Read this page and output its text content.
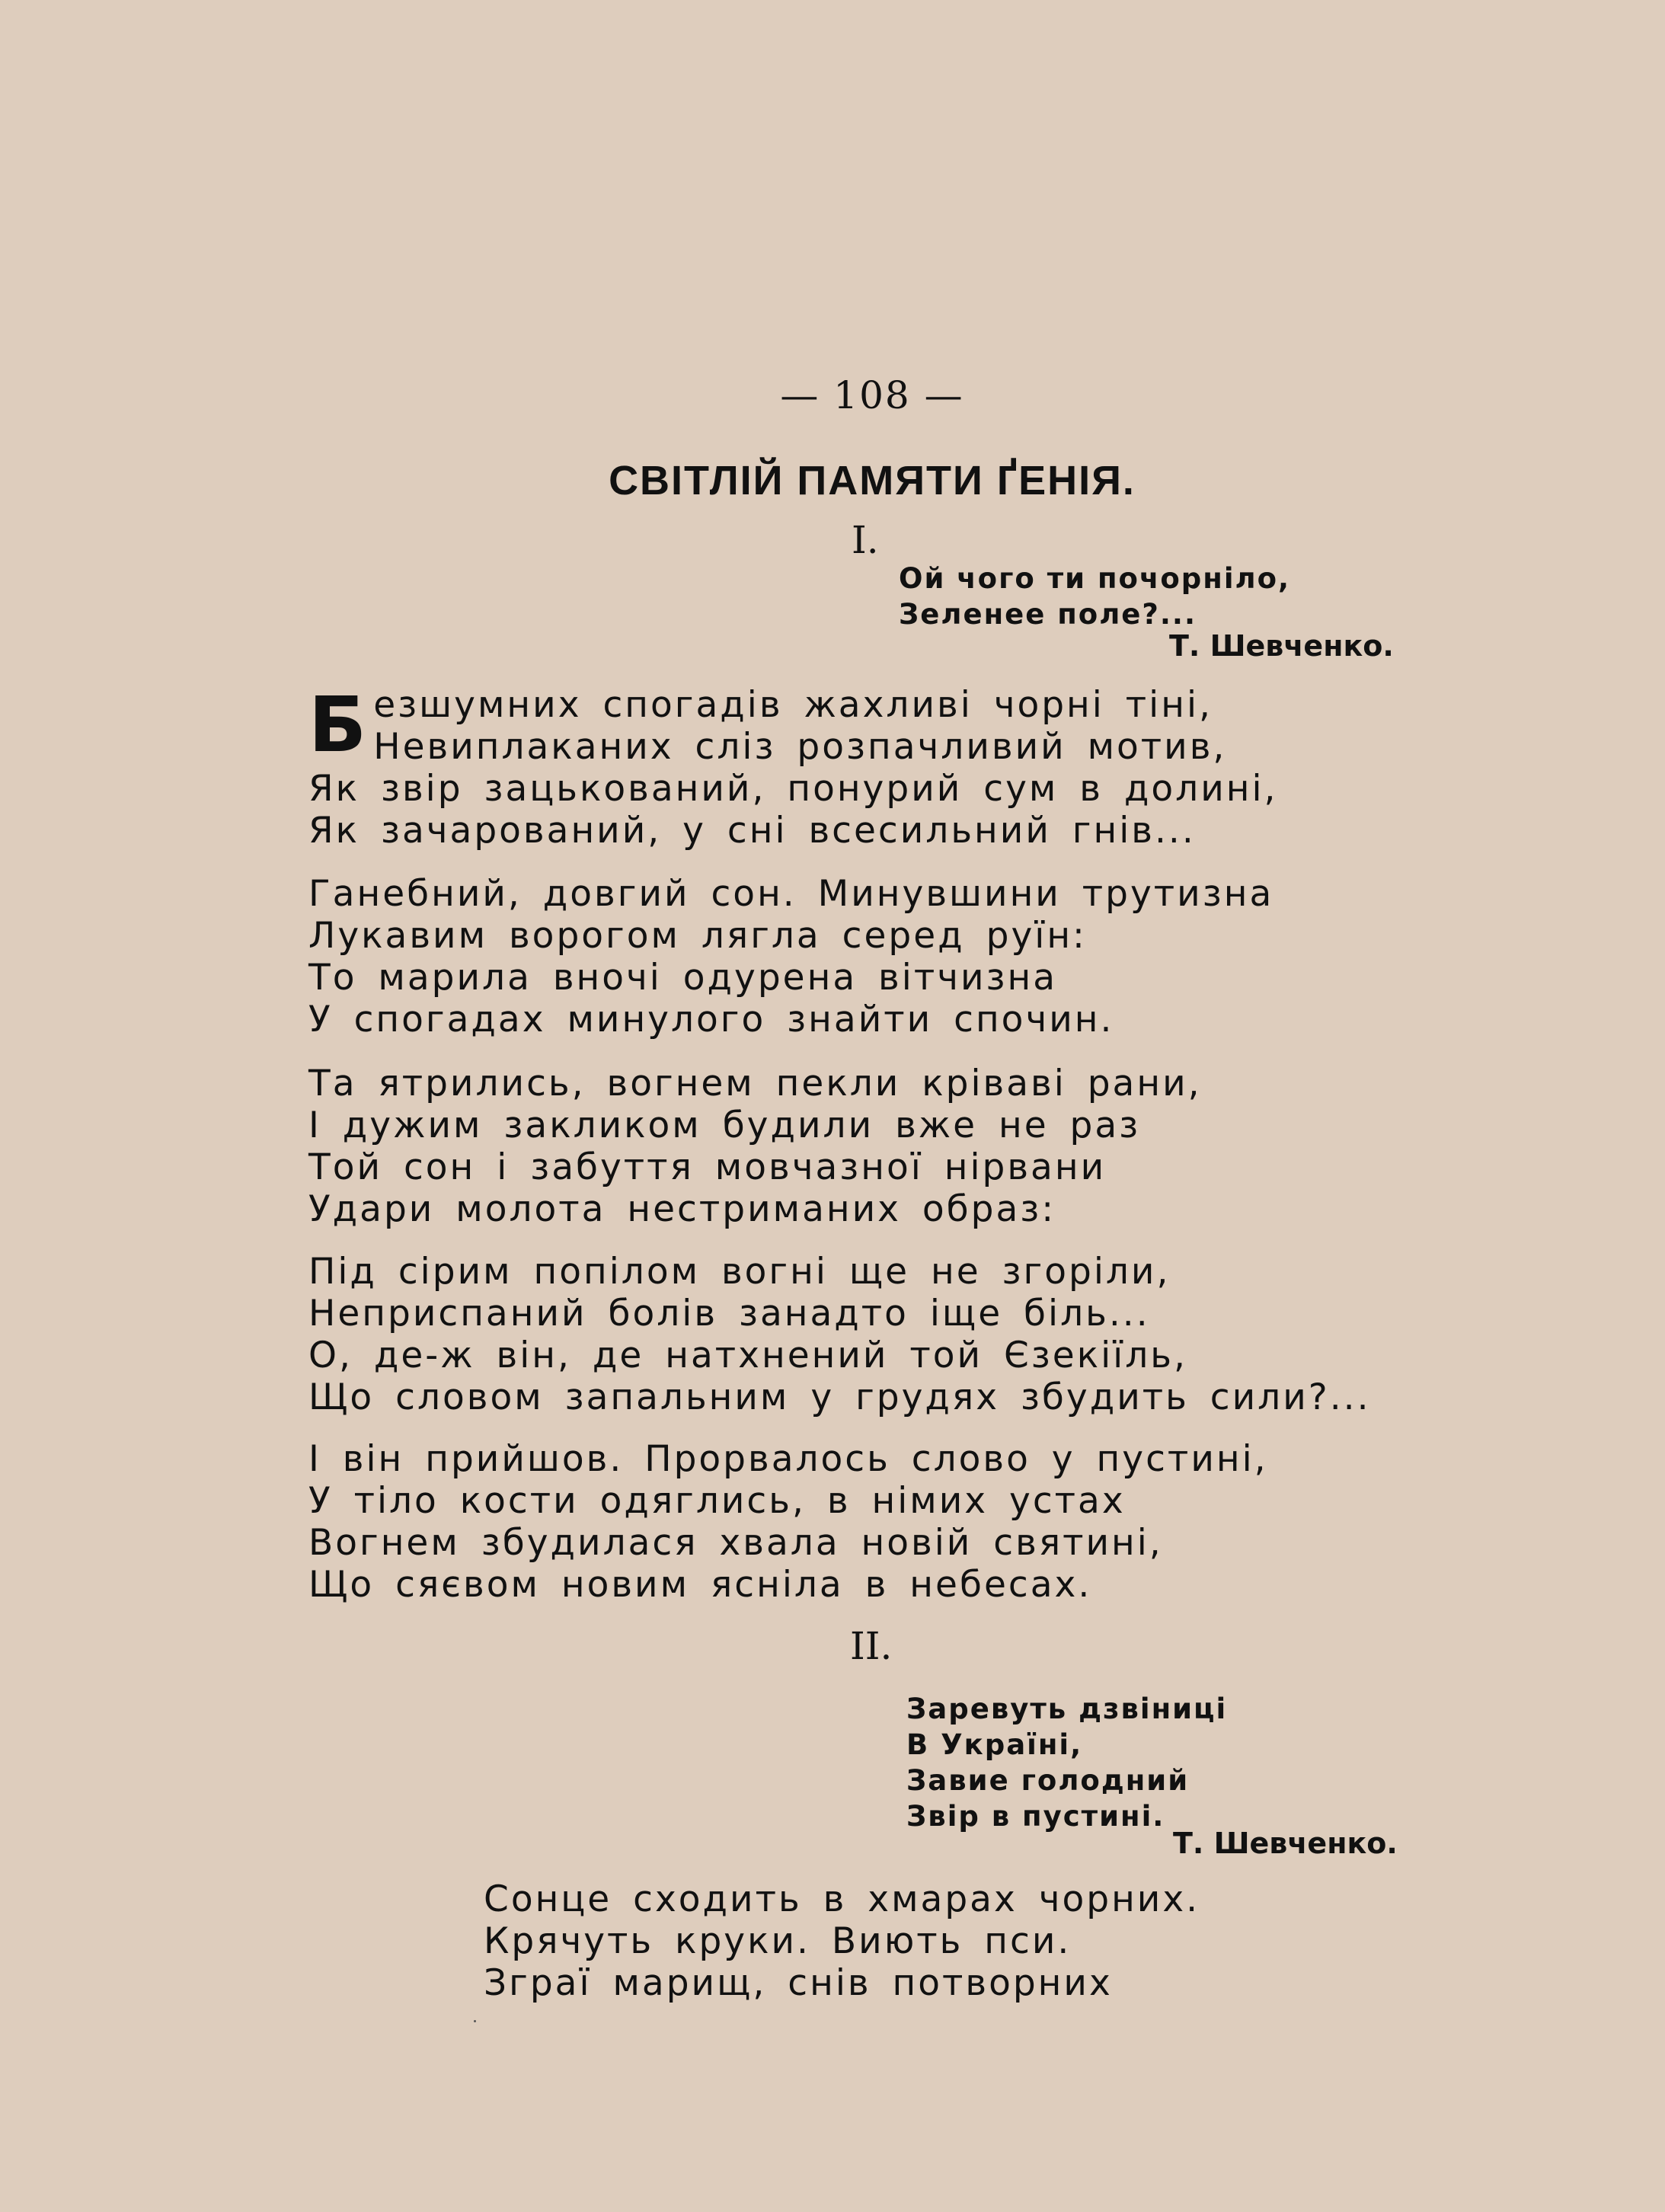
— 108 —
СВІТЛІЙ ПАМЯТИ ҐЕНІЯ.
I.
Ой чого ти почорніло,
Зеленее поле?...
Т. Шевченко.
Безшумних спогадів жахливі чорні тіні,
Невиплаканих сліз розпачливий мотив,
Як звір зацькований, понурий сум в долині,
Як зачарований, у сні всесильний гнів...
Ганебний, довгий сон. Минувшини трутизна
Лукавим ворогом лягла серед руїн:
То марила вночі одурена вітчизна
У спогадах минулого знайти спочин.
Та ятрились, вогнем пекли кріваві рани,
І дужим закликом будили вже не раз
Той сон і забуття мовчазної нірвани
Удари молота нестриманих образ:
Під сірим попілом вогні ще не згоріли,
Неприспаний болів занадто іще біль...
О, де-ж він, де натхнений той Єзекіїль,
Що словом запальним у грудях збудить сили?...
І він прийшов. Прорвалось слово у пустині,
У тіло кости одяглись, в німих устах
Вогнем збудилася хвала новій святині,
Що сяєвом новим ясніла в небесах.
II.
Заревуть дзвіниці
В Україні,
Завие голодний
Звір в пустині.
Т. Шевченко.
Сонце сходить в хмарах чорних.
Крячуть круки. Виють пси.
Зграї марищ, снів потворних
